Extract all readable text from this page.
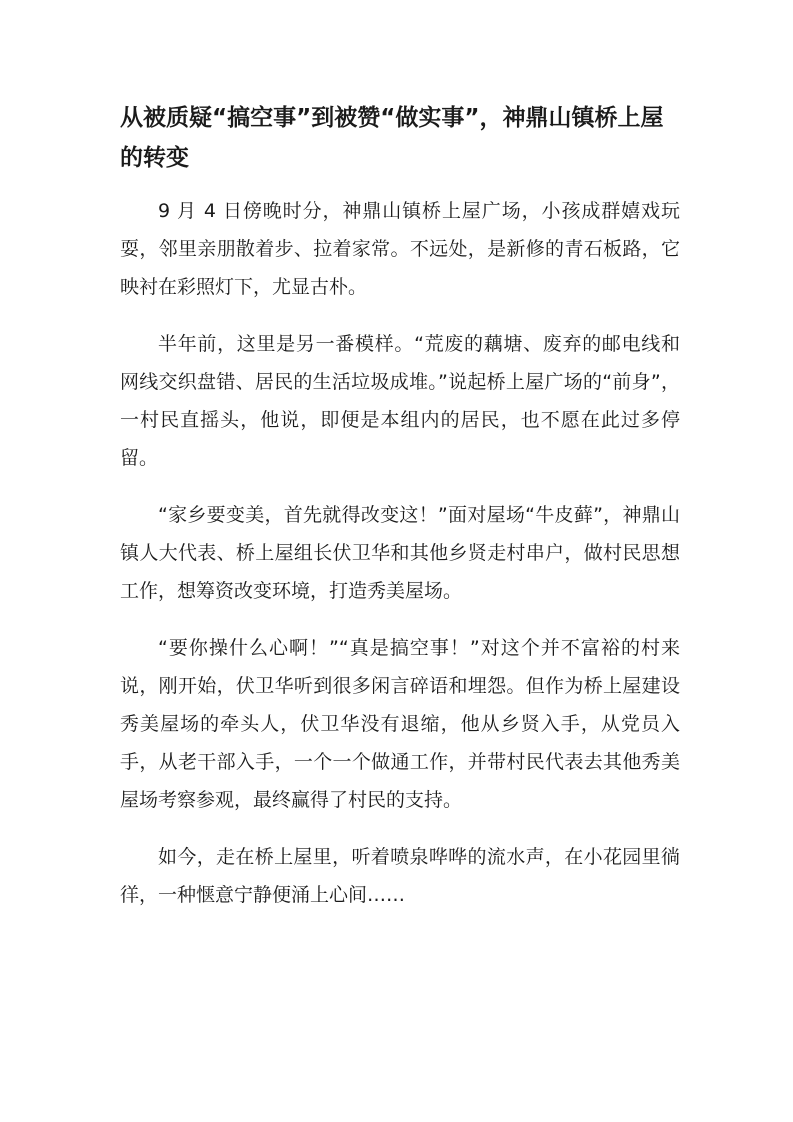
从被质疑“搞空事”到被赞“做实事”，神鼎山镇桥上屋的转变

9 月 4 日傍晚时分，神鼎山镇桥上屋广场，小孩成群嬉戏玩耍，邻里亲朋散着步、拉着家常。不远处，是新修的青石板路，它映衬在彩照灯下，尤显古朴。

半年前，这里是另一番模样。“荒废的藕塘、废弃的邮电线和网线交织盘错、居民的生活垃圾成堆。”说起桥上屋广场的“前身”，一村民直摇头，他说，即便是本组内的居民，也不愿在此过多停留。

“家乡要变美，首先就得改变这！”面对屋场“牛皮藓”，神鼎山镇人大代表、桥上屋组长伏卫华和其他乡贤走村串户，做村民思想工作，想筹资改变环境，打造秀美屋场。

“要你操什么心啊！”“真是搞空事！”对这个并不富裕的村来说，刚开始，伏卫华听到很多闲言碎语和埋怨。但作为桥上屋建设秀美屋场的牵头人，伏卫华没有退缩，他从乡贤入手，从党员入手，从老干部入手，一个一个做通工作，并带村民代表去其他秀美屋场考察参观，最终赢得了村民的支持。

如今，走在桥上屋里，听着喷泉哗哗的流水声，在小花园里徜徉，一种惬意宁静便涌上心间……
